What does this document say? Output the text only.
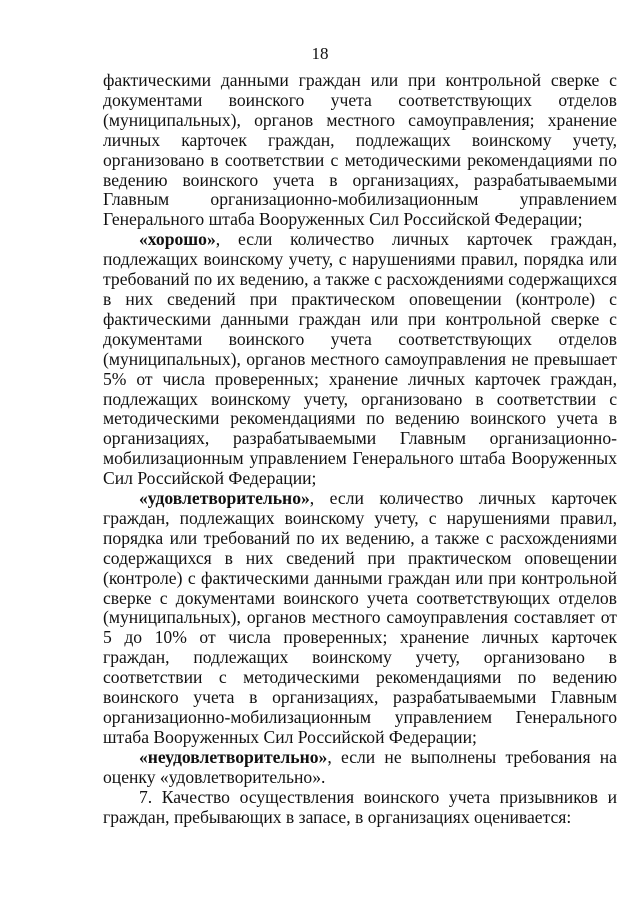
18

фактическими данными граждан или при контрольной сверке с документами воинского учета соответствующих отделов (муниципальных), органов местного самоуправления; хранение личных карточек граждан, подлежащих воинскому учету, организовано в соответствии с методическими рекомендациями по ведению воинского учета в организациях, разрабатываемыми Главным организационно-мобилизационным управлением Генерального штаба Вооруженных Сил Российской Федерации;

«хорошо», если количество личных карточек граждан, подлежащих воинскому учету, с нарушениями правил, порядка или требований по их ведению, а также с расхождениями содержащихся в них сведений при практическом оповещении (контроле) с фактическими данными граждан или при контрольной сверке с документами воинского учета соответствующих отделов (муниципальных), органов местного самоуправления не превышает 5% от числа проверенных; хранение личных карточек граждан, подлежащих воинскому учету, организовано в соответствии с методическими рекомендациями по ведению воинского учета в организациях, разрабатываемыми Главным организационно-мобилизационным управлением Генерального штаба Вооруженных Сил Российской Федерации;

«удовлетворительно», если количество личных карточек граждан, подлежащих воинскому учету, с нарушениями правил, порядка или требований по их ведению, а также с расхождениями содержащихся в них сведений при практическом оповещении (контроле) с фактическими данными граждан или при контрольной сверке с документами воинского учета соответствующих отделов (муниципальных), органов местного самоуправления составляет от 5 до 10% от числа проверенных; хранение личных карточек граждан, подлежащих воинскому учету, организовано в соответствии с методическими рекомендациями по ведению воинского учета в организациях, разрабатываемыми Главным организационно-мобилизационным управлением Генерального штаба Вооруженных Сил Российской Федерации;

«неудовлетворительно», если не выполнены требования на оценку «удовлетворительно».

7. Качество осуществления воинского учета призывников и граждан, пребывающих в запасе, в организациях оценивается:
